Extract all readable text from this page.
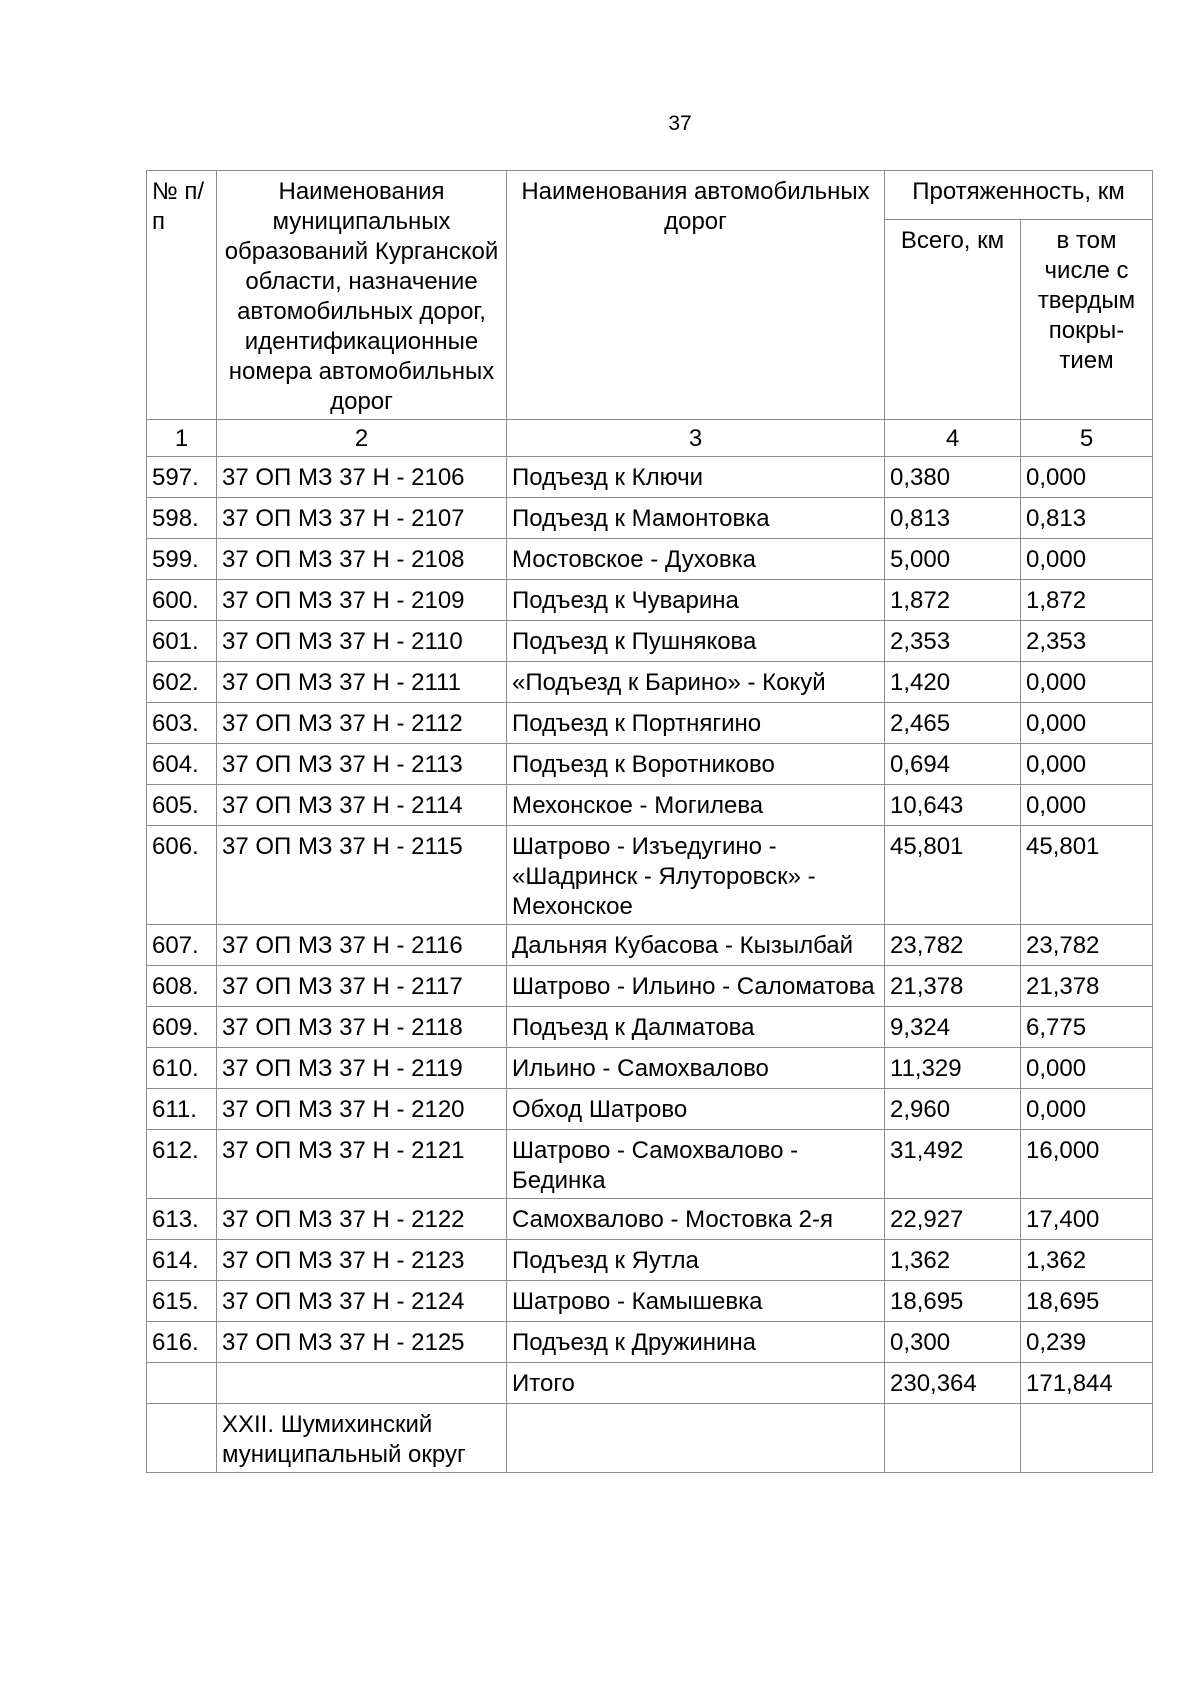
37
№ п/п	Наименования муниципальных образований Курганской области, назначение автомобильных дорог, идентификационные номера автомобильных дорог	Наименования автомобильных дорог	Протяженность, км	
			Всего, км	в том числе с твердым покры-тием
1	2	3	4	5
597.	37 ОП МЗ 37 Н - 2106	Подъезд к Ключи	0,380	0,000
598.	37 ОП МЗ 37 Н - 2107	Подъезд к Мамонтовка	0,813	0,813
599.	37 ОП МЗ 37 Н - 2108	Мостовское - Духовка	5,000	0,000
600.	37 ОП МЗ 37 Н - 2109	Подъезд к Чуварина	1,872	1,872
601.	37 ОП МЗ 37 Н - 2110	Подъезд к Пушнякова	2,353	2,353
602.	37 ОП МЗ 37 Н - 2111	«Подъезд к Барино» - Кокуй	1,420	0,000
603.	37 ОП МЗ 37 Н - 2112	Подъезд к Портнягино	2,465	0,000
604.	37 ОП МЗ 37 Н - 2113	Подъезд к Воротниково	0,694	0,000
605.	37 ОП МЗ 37 Н - 2114	Мехонское - Могилева	10,643	0,000
606.	37 ОП МЗ 37 Н - 2115	Шатрово - Изъедугино - «Шадринск - Ялуторовск» - Мехонское	45,801	45,801
607.	37 ОП МЗ 37 Н - 2116	Дальняя Кубасова - Кызылбай	23,782	23,782
608.	37 ОП МЗ 37 Н - 2117	Шатрово - Ильино - Саломатова	21,378	21,378
609.	37 ОП МЗ 37 Н - 2118	Подъезд к Далматова	9,324	6,775
610.	37 ОП МЗ 37 Н - 2119	Ильино - Самохвалово	11,329	0,000
611.	37 ОП МЗ 37 Н - 2120	Обход Шатрово	2,960	0,000
612.	37 ОП МЗ 37 Н - 2121	Шатрово - Самохвалово - Бединка	31,492	16,000
613.	37 ОП МЗ 37 Н - 2122	Самохвалово - Мостовка 2-я	22,927	17,400
614.	37 ОП МЗ 37 Н - 2123	Подъезд к Яутла	1,362	1,362
615.	37 ОП МЗ 37 Н - 2124	Шатрово - Камышевка	18,695	18,695
616.	37 ОП МЗ 37 Н - 2125	Подъезд к Дружинина	0,300	0,239
		Итого	230,364	171,844
	XXII. Шумихинский муниципальный округ			
